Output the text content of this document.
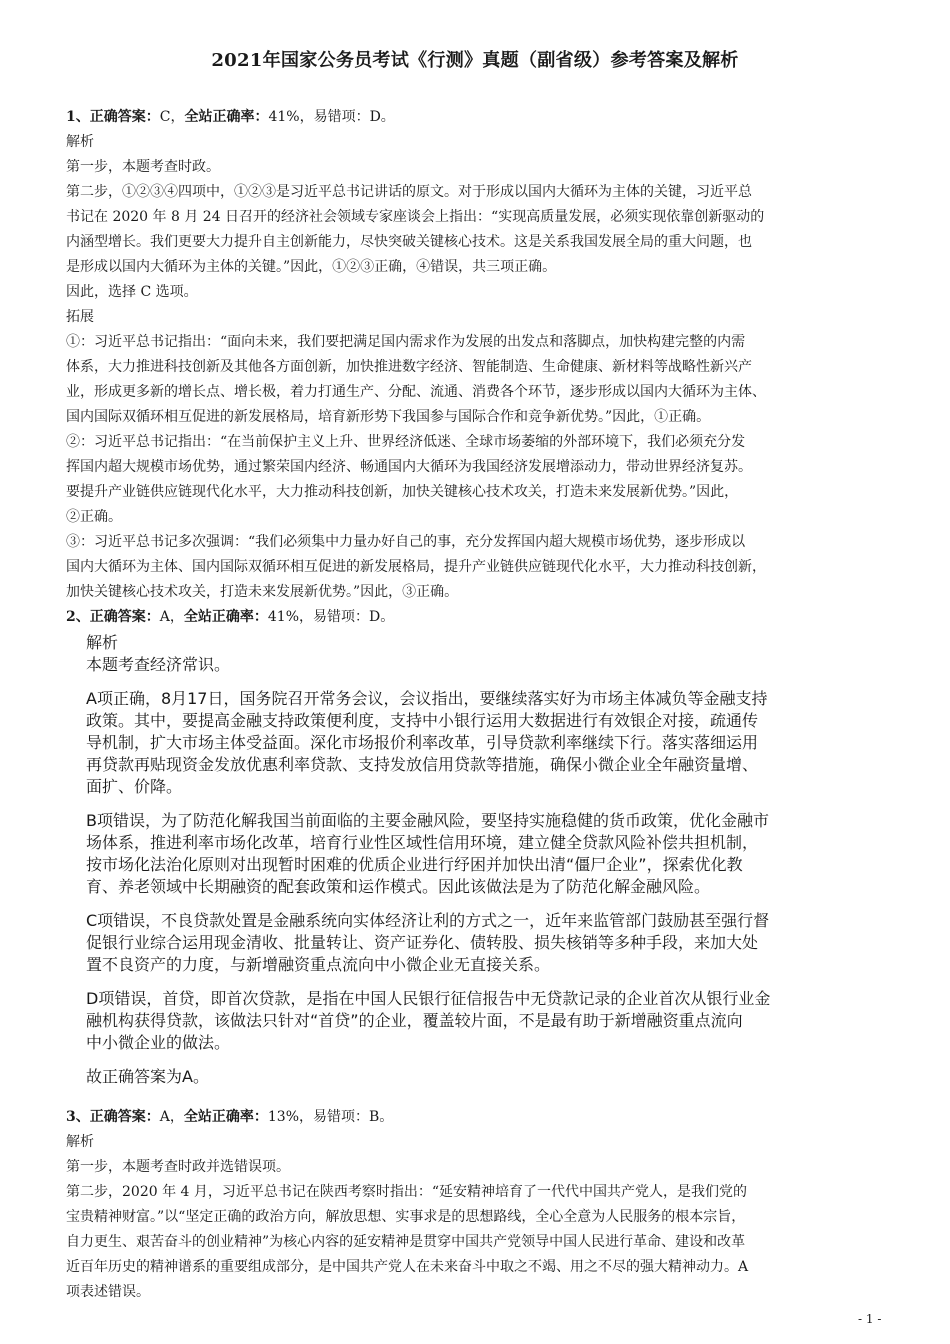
2021年国家公务员考试《行测》真题（副省级）参考答案及解析
1、正确答案：C，全站正确率：41%，易错项：D。
解析
第一步，本题考查时政。
第二步，①②③④四项中，①②③是习近平总书记讲话的原文。对于形成以国内大循环为主体的关键，习近平总
书记在 2020 年 8 月 24 日召开的经济社会领域专家座谈会上指出：“实现高质量发展，必须实现依靠创新驱动的
内涵型增长。我们更要大力提升自主创新能力，尽快突破关键核心技术。这是关系我国发展全局的重大问题，也
是形成以国内大循环为主体的关键。”因此，①②③正确，④错误，共三项正确。
因此，选择 C 选项。
拓展
①：习近平总书记指出：“面向未来，我们要把满足国内需求作为发展的出发点和落脚点，加快构建完整的内需
体系，大力推进科技创新及其他各方面创新，加快推进数字经济、智能制造、生命健康、新材料等战略性新兴产
业，形成更多新的增长点、增长极，着力打通生产、分配、流通、消费各个环节，逐步形成以国内大循环为主体、
国内国际双循环相互促进的新发展格局，培育新形势下我国参与国际合作和竞争新优势。”因此，①正确。
②：习近平总书记指出：“在当前保护主义上升、世界经济低迷、全球市场萎缩的外部环境下，我们必须充分发
挥国内超大规模市场优势，通过繁荣国内经济、畅通国内大循环为我国经济发展增添动力，带动世界经济复苏。
要提升产业链供应链现代化水平，大力推动科技创新，加快关键核心技术攻关，打造未来发展新优势。”因此，
②正确。
③：习近平总书记多次强调：“我们必须集中力量办好自己的事，充分发挥国内超大规模市场优势，逐步形成以
国内大循环为主体、国内国际双循环相互促进的新发展格局，提升产业链供应链现代化水平，大力推动科技创新，
加快关键核心技术攻关，打造未来发展新优势。”因此，③正确。
2、正确答案：A，全站正确率：41%，易错项：D。
解析
本题考查经济常识。
A项正确，8月17日，国务院召开常务会议，会议指出，要继续落实好为市场主体减负等金融支持
政策。其中，要提高金融支持政策便利度，支持中小银行运用大数据进行有效银企对接，疏通传
导机制，扩大市场主体受益面。深化市场报价利率改革，引导贷款利率继续下行。落实落细运用
再贷款再贴现资金发放优惠利率贷款、支持发放信用贷款等措施，确保小微企业全年融资量增、
面扩、价降。
B项错误，为了防范化解我国当前面临的主要金融风险，要坚持实施稳健的货币政策，优化金融市
场体系，推进利率市场化改革，培育行业性区域性信用环境，建立健全贷款风险补偿共担机制，
按市场化法治化原则对出现暂时困难的优质企业进行纾困并加快出清“僵尸企业”，探索优化教
育、养老领域中长期融资的配套政策和运作模式。因此该做法是为了防范化解金融风险。
C项错误，不良贷款处置是金融系统向实体经济让利的方式之一，近年来监管部门鼓励甚至强行督
促银行业综合运用现金清收、批量转让、资产证券化、债转股、损失核销等多种手段，来加大处
置不良资产的力度，与新增融资重点流向中小微企业无直接关系。
D项错误，首贷，即首次贷款，是指在中国人民银行征信报告中无贷款记录的企业首次从银行业金
融机构获得贷款，该做法只针对“首贷”的企业，覆盖较片面，不是最有助于新增融资重点流向
中小微企业的做法。
故正确答案为A。
3、正确答案：A，全站正确率：13%，易错项：B。
解析
第一步，本题考查时政并选错误项。
第二步，2020 年 4 月，习近平总书记在陕西考察时指出：“延安精神培育了一代代中国共产党人，是我们党的
宝贵精神财富。”以“坚定正确的政治方向，解放思想、实事求是的思想路线，全心全意为人民服务的根本宗旨，
自力更生、艰苦奋斗的创业精神”为核心内容的延安精神是贯穿中国共产党领导中国人民进行革命、建设和改革
近百年历史的精神谱系的重要组成部分，是中国共产党人在未来奋斗中取之不竭、用之不尽的强大精神动力。A
项表述错误。
- 1 -
